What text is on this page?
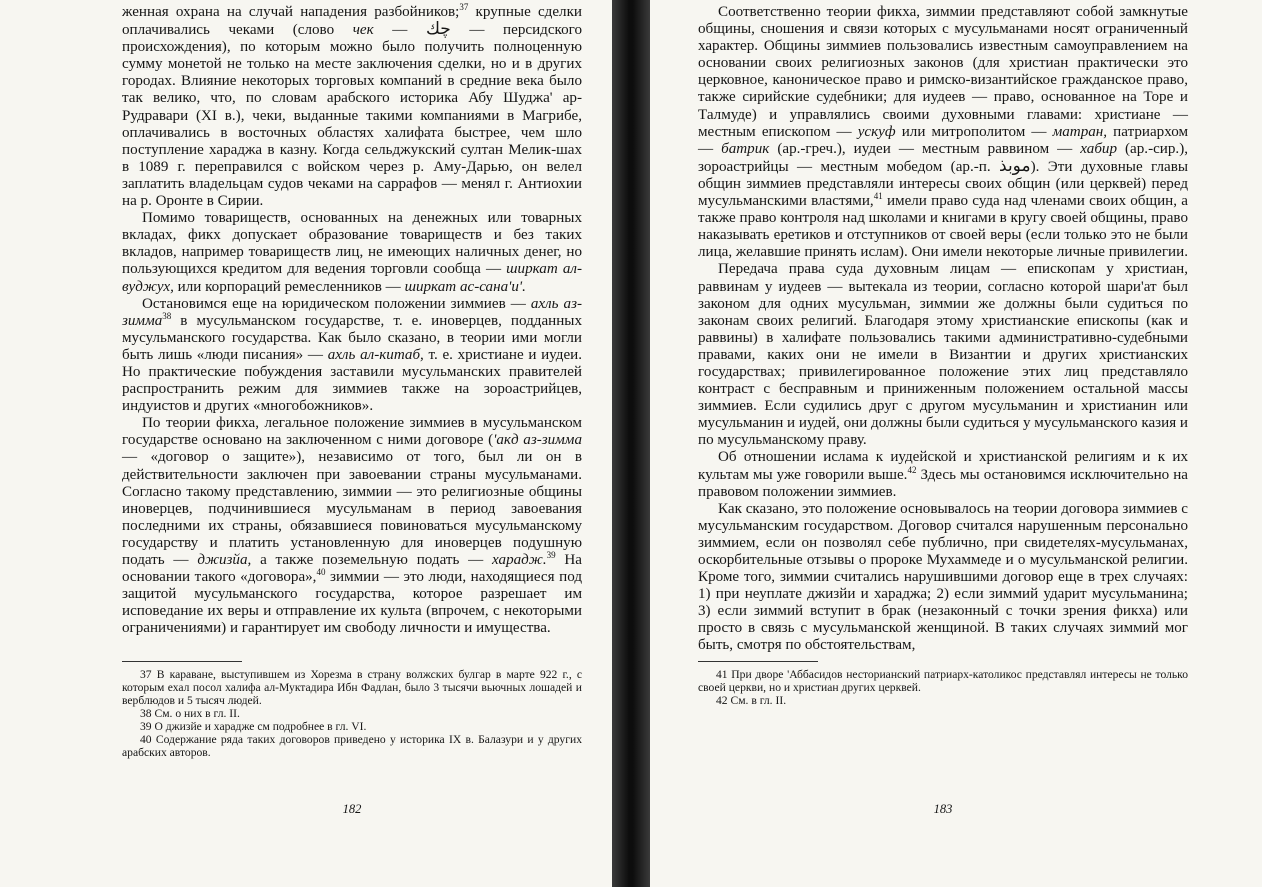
женная охрана на случай нападения разбойников;$^{37}$ крупные сделки оплачивались чеками (слово чек — چك — персидского происхождения), по которым можно было получить полноценную сумму монетой не только на месте заключения сделки, но и в других городах. Влияние некоторых торговых компаний в средние века было так велико, что, по словам арабского историка Абу Шуджа' ар-Рудравари (XI в.), чеки, выданные такими компаниями в Магрибе, оплачивались в восточных областях халифата быстрее, чем шло поступление хараджа в казну. Когда сельджукский султан Мелик-шах в 1089 г. переправился с войском через р. Аму-Дарью, он велел заплатить владельцам судов чеками на саррафов — менял г. Антиохии на р. Оронте в Сирии.

Помимо товариществ, основанных на денежных или товарных вкладах, фикх допускает образование товариществ и без таких вкладов, например товариществ лиц, не имеющих наличных денег, но пользующихся кредитом для ведения торговли сообща — ширкат ал-вуджух, или корпораций ремесленников — ширкат ас-сана'и'.

Остановимся еще на юридическом положении зиммиев — ахль аз-зимма$^{38}$ в мусульманском государстве, т. е. иноверцев, подданных мусульманского государства. Как было сказано, в теории ими могли быть лишь «люди писания» — ахль ал-китаб, т. е. христиане и иудеи. Но практические побуждения заставили мусульманских правителей распространить режим для зиммиев также на зороастрийцев, индуистов и других «многобожников».

По теории фикха, легальное положение зиммиев в мусульманском государстве основано на заключенном с ними договоре ('акд аз-зимма — «договор о защите»), независимо от того, был ли он в действительности заключен при завоевании страны мусульманами. Согласно такому представлению, зиммии — это религиозные общины иноверцев, подчинившиеся мусульманам в период завоевания последними их страны, обязавшиеся повиноваться мусульманскому государству и платить установленную для иноверцев подушную подать — джизйа, а также поземельную подать — харадж.$^{39}$ На основании такого «договора»,$^{40}$ зиммии — это люди, находящиеся под защитой мусульманского государства, которое разрешает им исповедание их веры и отправление их культа (впрочем, с некоторыми ограничениями) и гарантирует им свободу личности и имущества.

37 В караване, выступившем из Хорезма в страну волжских булгар в марте 922 г., с которым ехал посол халифа ал-Муктадира Ибн Фадлан, было 3 тысячи вьючных лошадей и верблюдов и 5 тысяч людей.

38 См. о них в гл. II.

39 О джизйе и харадже см подробнее в гл. VI.

40 Содержание ряда таких договоров приведено у историка IX в. Балазури и у других арабских авторов.

182

Соответственно теории фикха, зиммии представляют собой замкнутые общины, сношения и связи которых с мусульманами носят ограниченный характер. Общины зиммиев пользовались известным самоуправлением на основании своих религиозных законов (для христиан практически это церковное, каноническое право и римско-византийское гражданское право, также сирийские судебники; для иудеев — право, основанное на Торе и Талмуде) и управлялись своими духовными главами: христиане — местным епископом — ускуф или митрополитом — матран, патриархом — батрик (ар.-греч.), иудеи — местным раввином — хабир (ар.-сир.), зороастрийцы — местным мобедом (ар.-п. موبذ). Эти духовные главы общин зиммиев представляли интересы своих общин (или церквей) перед мусульманскими властями,$^{41}$ имели право суда над членами своих общин, а также право контроля над школами и книгами в кругу своей общины, право наказывать еретиков и отступников от своей веры (если только это не были лица, желавшие принять ислам). Они имели некоторые личные привилегии.

Передача права суда духовным лицам — епископам у христиан, раввинам у иудеев — вытекала из теории, согласно которой шари'ат был законом для одних мусульман, зиммии же должны были судиться по законам своих религий. Благодаря этому христианские епископы (как и раввины) в халифате пользовались такими административно-судебными правами, каких они не имели в Византии и других христианских государствах; привилегированное положение этих лиц представляло контраст с бесправным и приниженным положением остальной массы зиммиев. Если судились друг с другом мусульманин и христианин или мусульманин и иудей, они должны были судиться у мусульманского казия и по мусульманскому праву.

Об отношении ислама к иудейской и христианской религиям и к их культам мы уже говорили выше.$^{42}$ Здесь мы остановимся исключительно на правовом положении зиммиев.

Как сказано, это положение основывалось на теории договора зиммиев с мусульманским государством. Договор считался нарушенным персонально зиммием, если он позволял себе публично, при свидетелях-мусульманах, оскорбительные отзывы о пророке Мухаммеде и о мусульманской религии. Кроме того, зиммии считались нарушившими договор еще в трех случаях: 1) при неуплате джизйи и хараджа; 2) если зиммий ударит мусульманина; 3) если зиммий вступит в брак (незаконный с точки зрения фикха) или просто в связь с мусульманской женщиной. В таких случаях зиммий мог быть, смотря по обстоятельствам,

41 При дворе 'Аббасидов несторианский патриарх-католикос представлял интересы не только своей церкви, но и христиан других церквей.

42 См. в гл. II.

183
